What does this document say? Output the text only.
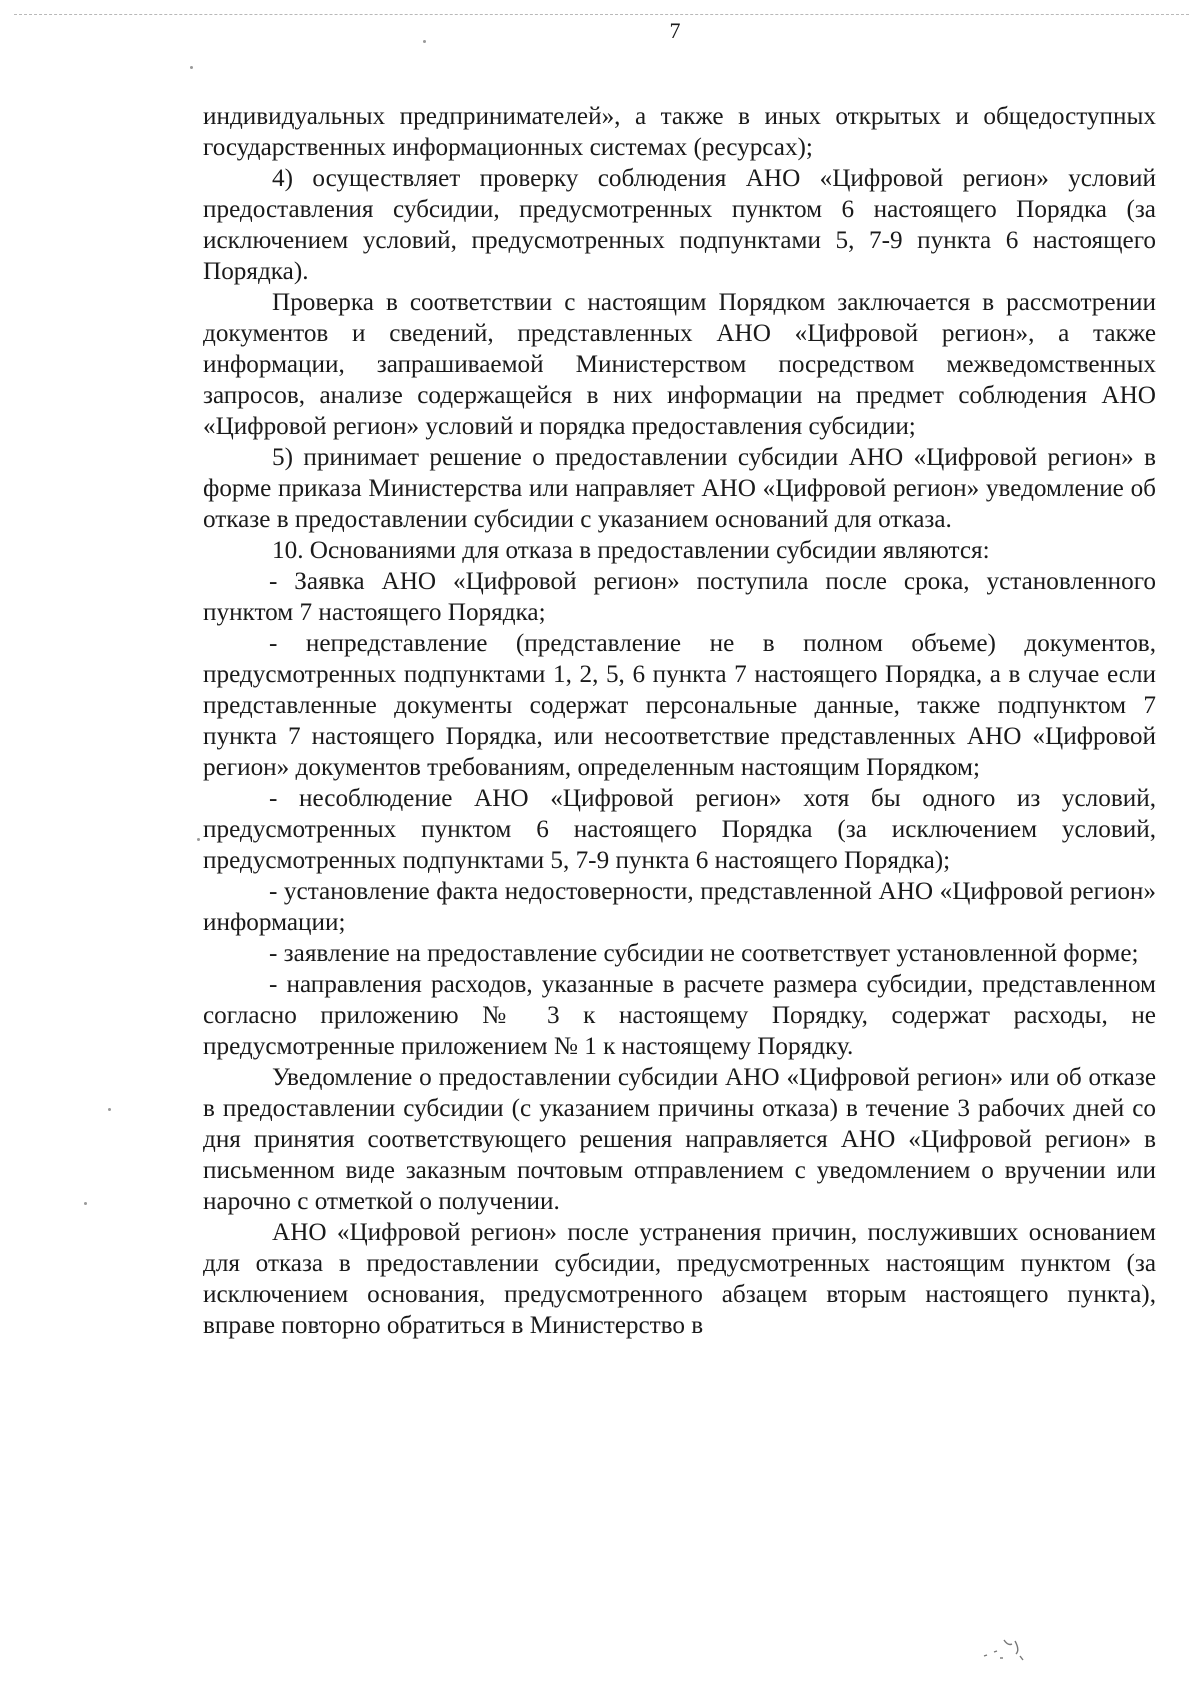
7

индивидуальных предпринимателей», а также в иных открытых и общедоступных государственных информационных системах (ресурсах);

4) осуществляет проверку соблюдения АНО «Цифровой регион» условий предоставления субсидии, предусмотренных пунктом 6 настоящего Порядка (за исключением условий, предусмотренных подпунктами 5, 7-9 пункта 6 настоящего Порядка).

Проверка в соответствии с настоящим Порядком заключается в рассмотрении документов и сведений, представленных АНО «Цифровой регион», а также информации, запрашиваемой Министерством посредством межведомственных запросов, анализе содержащейся в них информации на предмет соблюдения АНО «Цифровой регион» условий и порядка предоставления субсидии;

5) принимает решение о предоставлении субсидии АНО «Цифровой регион» в форме приказа Министерства или направляет АНО «Цифровой регион» уведомление об отказе в предоставлении субсидии с указанием оснований для отказа.

10. Основаниями для отказа в предоставлении субсидии являются:

- Заявка АНО «Цифровой регион» поступила после срока, установленного пунктом 7 настоящего Порядка;

- непредставление (представление не в полном объеме) документов, предусмотренных подпунктами 1, 2, 5, 6 пункта 7 настоящего Порядка, а в случае если представленные документы содержат персональные данные, также подпунктом 7 пункта 7 настоящего Порядка, или несоответствие представленных АНО «Цифровой регион» документов требованиям, определенным настоящим Порядком;

- несоблюдение АНО «Цифровой регион» хотя бы одного из условий, предусмотренных пунктом 6 настоящего Порядка (за исключением условий, предусмотренных подпунктами 5, 7-9 пункта 6 настоящего Порядка);

- установление факта недостоверности, представленной АНО «Цифровой регион» информации;

- заявление на предоставление субсидии не соответствует установленной форме;

- направления расходов, указанные в расчете размера субсидии, представленном согласно приложению № 3 к настоящему Порядку, содержат расходы, не предусмотренные приложением № 1 к настоящему Порядку.

Уведомление о предоставлении субсидии АНО «Цифровой регион» или об отказе в предоставлении субсидии (с указанием причины отказа) в течение 3 рабочих дней со дня принятия соответствующего решения направляется АНО «Цифровой регион» в письменном виде заказным почтовым отправлением с уведомлением о вручении или нарочно с отметкой о получении.

АНО «Цифровой регион» после устранения причин, послуживших основанием для отказа в предоставлении субсидии, предусмотренных настоящим пунктом (за исключением основания, предусмотренного абзацем вторым настоящего пункта), вправе повторно обратиться в Министерство в
